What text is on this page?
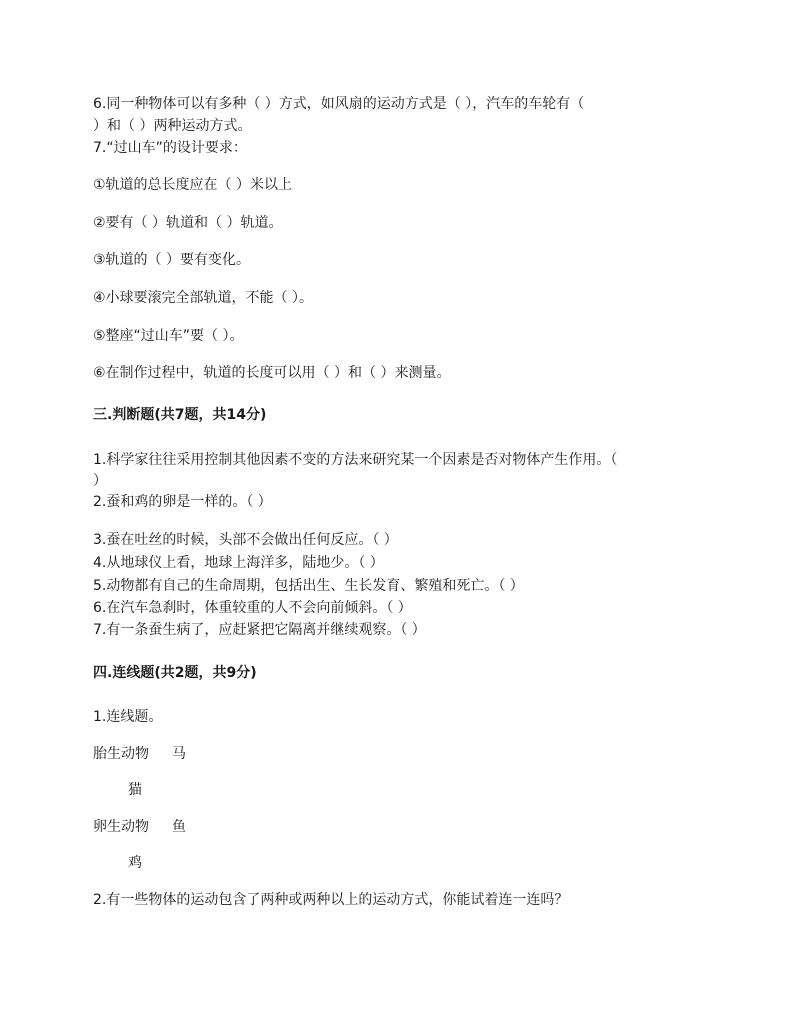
6.同一种物体可以有多种（ ）方式，如风扇的运动方式是（ ），汽车的车轮有（

）和（ ）两种运动方式。

7.“过山车”的设计要求：

①轨道的总长度应在（ ）米以上

②要有（ ）轨道和（ ）轨道。

③轨道的（ ）要有变化。

④小球要滚完全部轨道，不能（ ）。

⑤整座“过山车”要（ ）。

⑥在制作过程中，轨道的长度可以用（ ）和（ ）来测量。

三.判断题(共7题，共14分)

1.科学家往往采用控制其他因素不变的方法来研究某一个因素是否对物体产生作用。（

）

2.蚕和鸡的卵是一样的。（ ）

3.蚕在吐丝的时候，头部不会做出任何反应。（ ）

4.从地球仪上看，地球上海洋多，陆地少。（ ）

5.动物都有自己的生命周期，包括出生、生长发育、繁殖和死亡。（ ）

6.在汽车急刹时，体重较重的人不会向前倾斜。（ ）

7.有一条蚕生病了，应赶紧把它隔离并继续观察。（ ）

四.连线题(共2题，共9分)

1.连线题。

胎生动物 马

猫

卵生动物 鱼

鸡

2.有一些物体的运动包含了两种或两种以上的运动方式，你能试着连一连吗？
